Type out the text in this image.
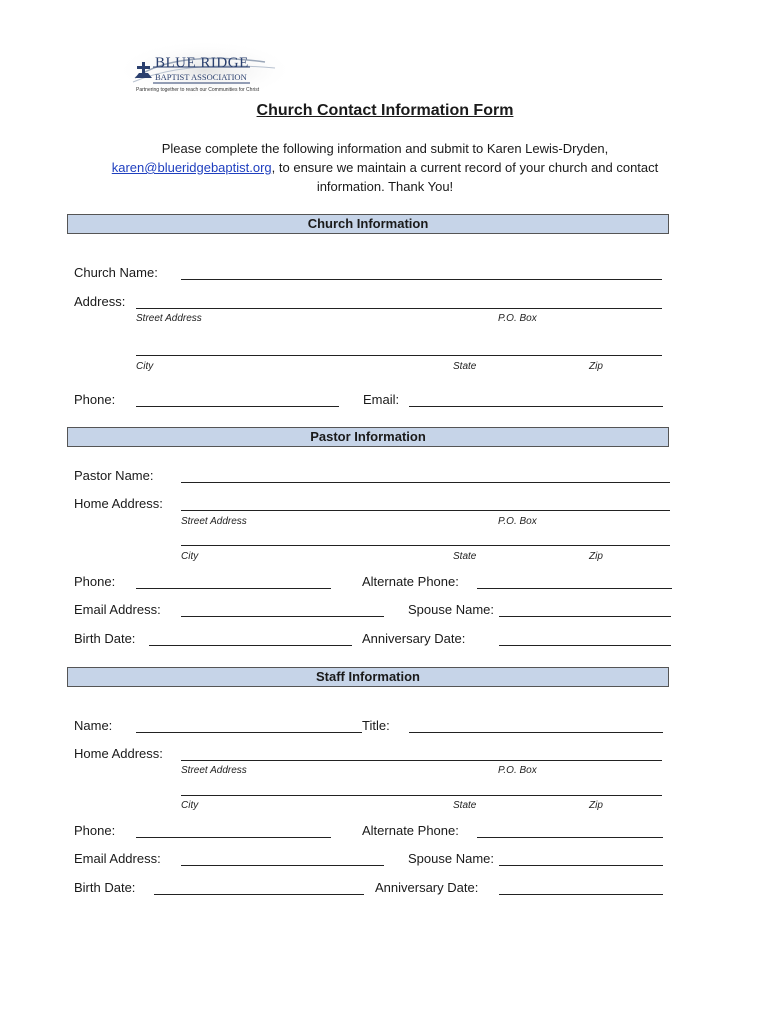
BLUE RIDGE
BAPTIST ASSOCIATION
Partnering together to reach our Communities for Christ
Church Contact Information Form
Please complete the following information and submit to Karen Lewis-Dryden,
karen@blueridgebaptist.org, to ensure we maintain a current record of your church and contact
information. Thank You!
Church Information
Church Name:
Address:
Street Address	P.O. Box
City	State	Zip
Phone:	Email:
Pastor Information
Pastor Name:
Home Address:
Street Address	P.O. Box
City	State	Zip
Phone:	Alternate Phone:
Email Address:	Spouse Name:
Birth Date:	Anniversary Date:
Staff Information
Name:	Title:
Home Address:
Street Address	P.O. Box
City	State	Zip
Phone:	Alternate Phone:
Email Address:	Spouse Name:
Birth Date:	Anniversary Date:
